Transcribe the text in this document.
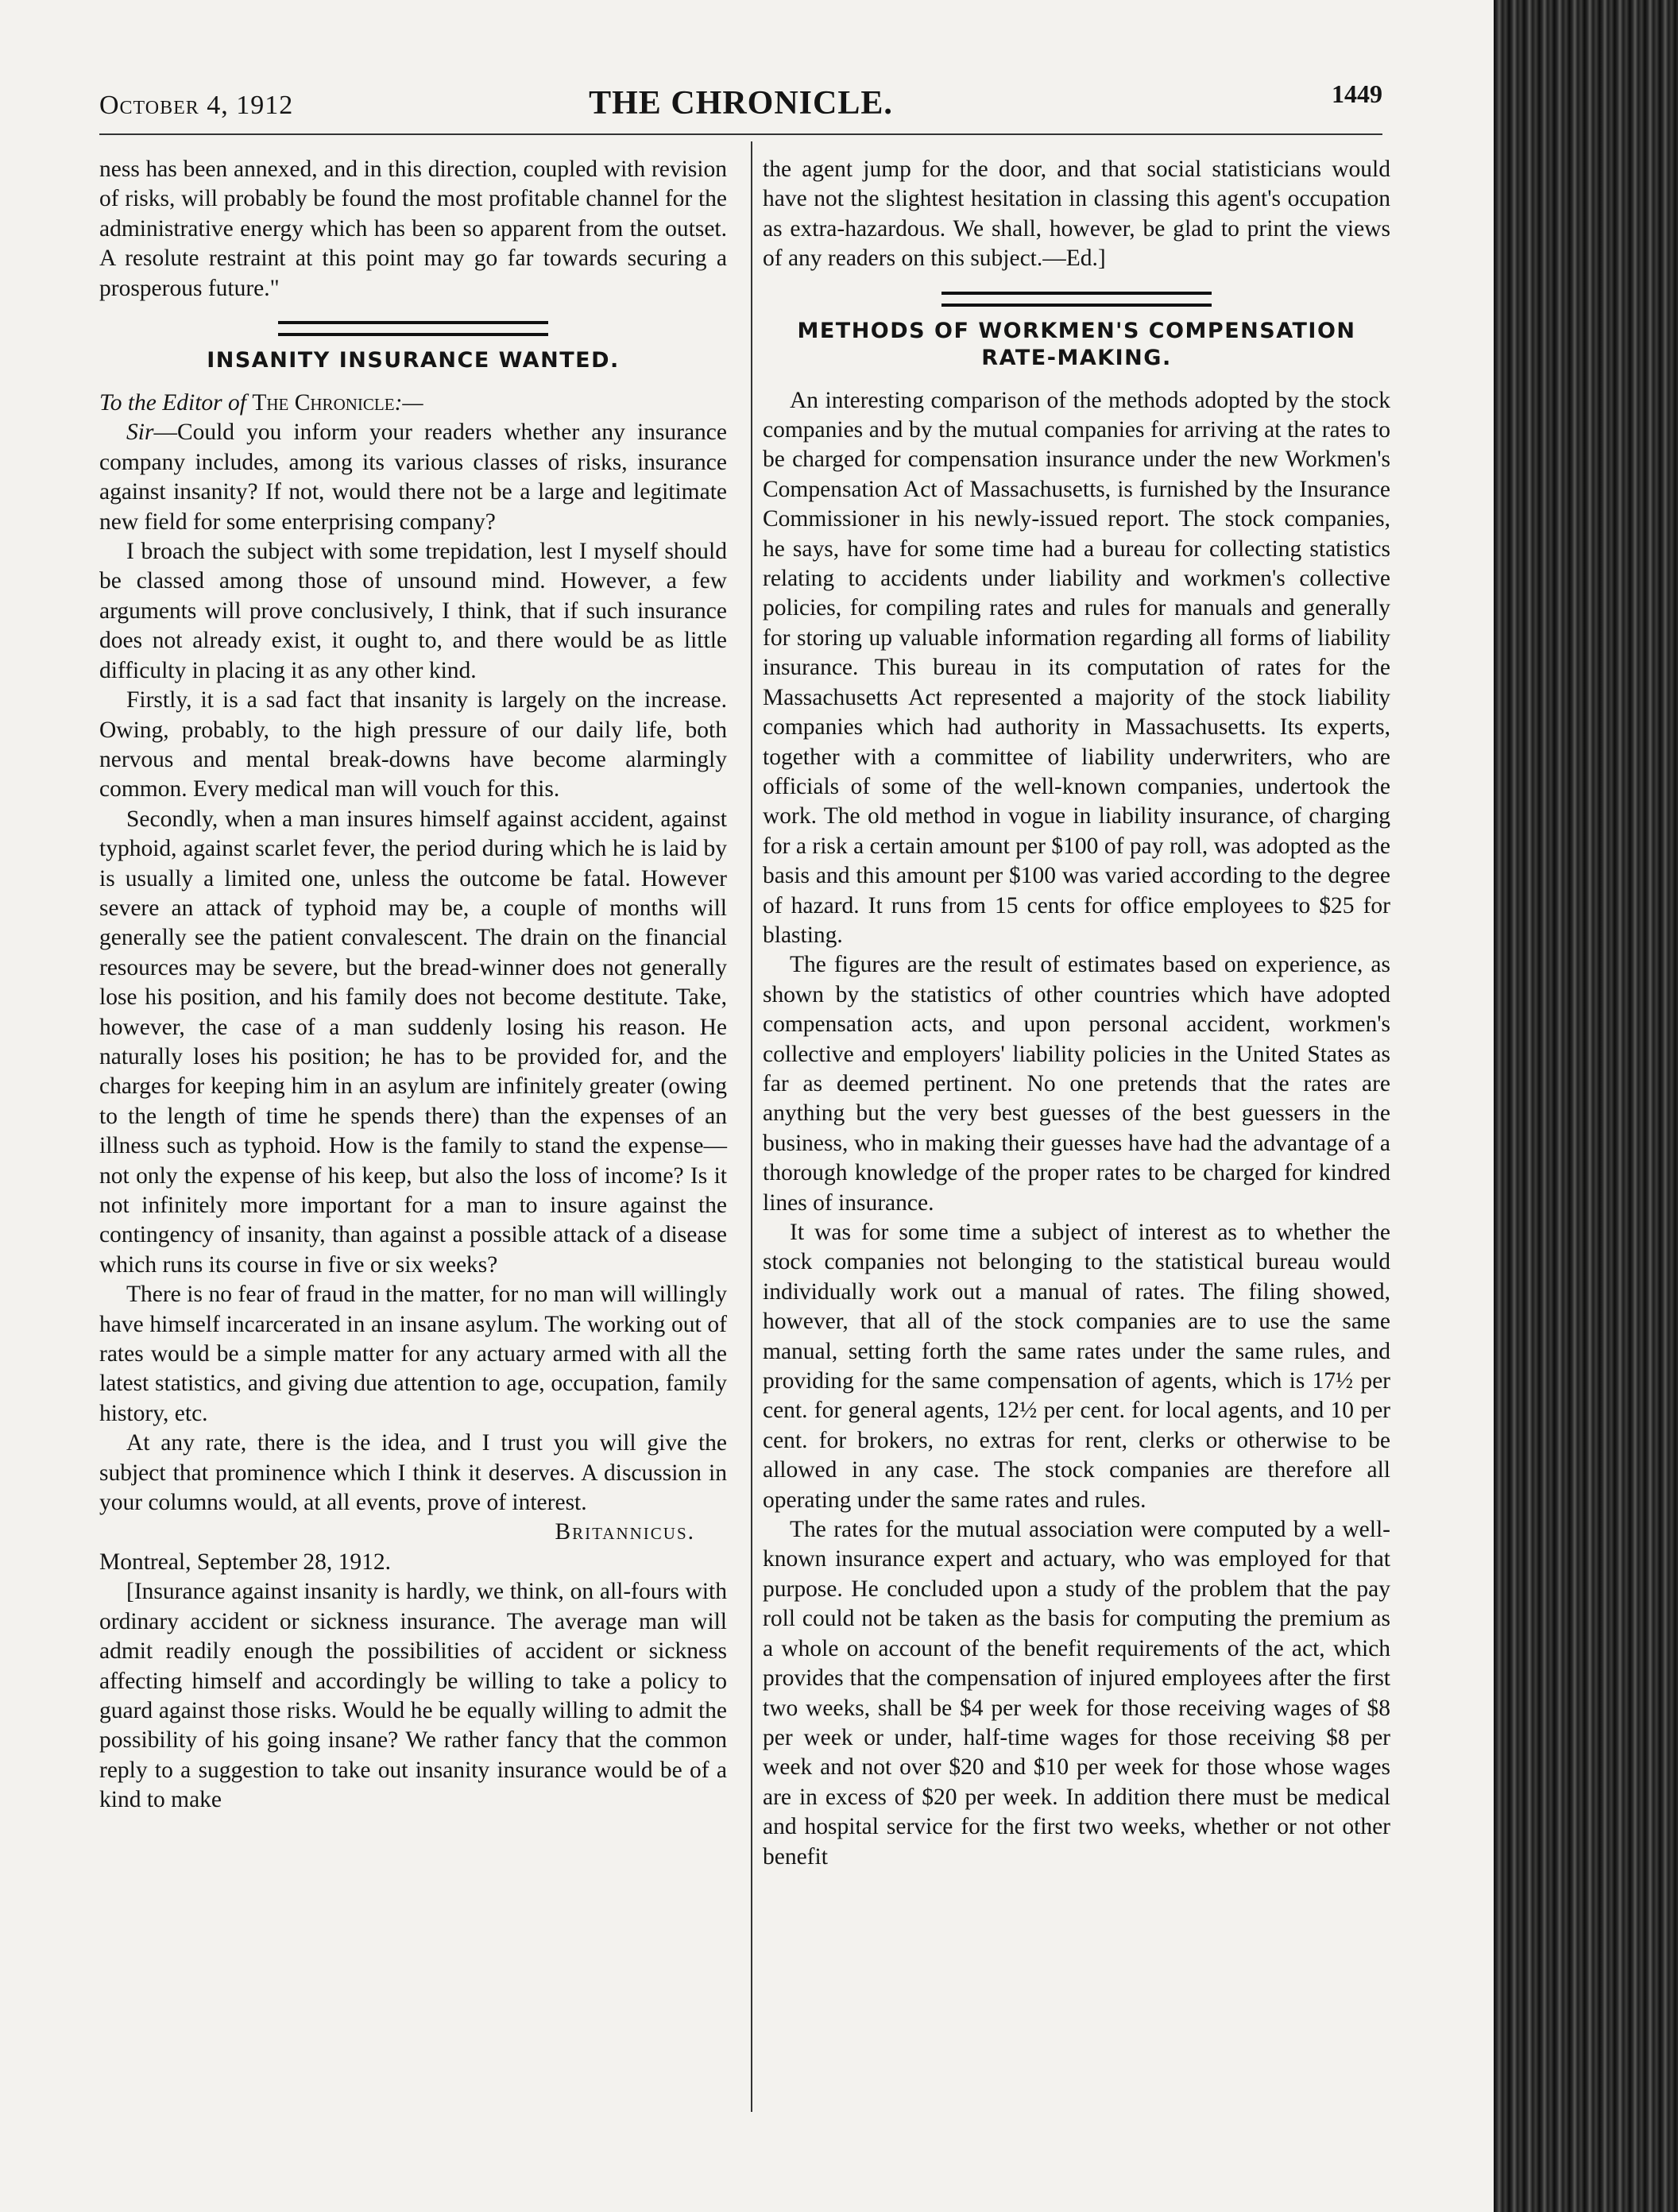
October 4, 1912	THE CHRONICLE.	1449

ness has been annexed, and in this direction, coupled with revision of risks, will probably be found the most profitable channel for the administrative energy which has been so apparent from the outset. A resolute restraint at this point may go far towards securing a prosperous future."

INSANITY INSURANCE WANTED.

To the Editor of The Chronicle:—

Sir—Could you inform your readers whether any insurance company includes, among its various classes of risks, insurance against insanity? If not, would there not be a large and legitimate new field for some enterprising company?

I broach the subject with some trepidation, lest I myself should be classed among those of unsound mind. However, a few arguments will prove conclusively, I think, that if such insurance does not already exist, it ought to, and there would be as little difficulty in placing it as any other kind.

Firstly, it is a sad fact that insanity is largely on the increase. Owing, probably, to the high pressure of our daily life, both nervous and mental break-downs have become alarmingly common. Every medical man will vouch for this.

Secondly, when a man insures himself against accident, against typhoid, against scarlet fever, the period during which he is laid by is usually a limited one, unless the outcome be fatal. However severe an attack of typhoid may be, a couple of months will generally see the patient convalescent. The drain on the financial resources may be severe, but the bread-winner does not generally lose his position, and his family does not become destitute. Take, however, the case of a man suddenly losing his reason. He naturally loses his position; he has to be provided for, and the charges for keeping him in an asylum are infinitely greater (owing to the length of time he spends there) than the expenses of an illness such as typhoid. How is the family to stand the expense—not only the expense of his keep, but also the loss of income? Is it not infinitely more important for a man to insure against the contingency of insanity, than against a possible attack of a disease which runs its course in five or six weeks?

There is no fear of fraud in the matter, for no man will willingly have himself incarcerated in an insane asylum. The working out of rates would be a simple matter for any actuary armed with all the latest statistics, and giving due attention to age, occupation, family history, etc.

At any rate, there is the idea, and I trust you will give the subject that prominence which I think it deserves. A discussion in your columns would, at all events, prove of interest.

Britannicus.

Montreal, September 28, 1912.

[Insurance against insanity is hardly, we think, on all-fours with ordinary accident or sickness insurance. The average man will admit readily enough the possibilities of accident or sickness affecting himself and accordingly be willing to take a policy to guard against those risks. Would he be equally willing to admit the possibility of his going insane? We rather fancy that the common reply to a suggestion to take out insanity insurance would be of a kind to make

the agent jump for the door, and that social statisticians would have not the slightest hesitation in classing this agent's occupation as extra-hazardous. We shall, however, be glad to print the views of any readers on this subject.—Ed.]

METHODS OF WORKMEN'S COMPENSATION RATE-MAKING.

An interesting comparison of the methods adopted by the stock companies and by the mutual companies for arriving at the rates to be charged for compensation insurance under the new Workmen's Compensation Act of Massachusetts, is furnished by the Insurance Commissioner in his newly-issued report. The stock companies, he says, have for some time had a bureau for collecting statistics relating to accidents under liability and workmen's collective policies, for compiling rates and rules for manuals and generally for storing up valuable information regarding all forms of liability insurance. This bureau in its computation of rates for the Massachusetts Act represented a majority of the stock liability companies which had authority in Massachusetts. Its experts, together with a committee of liability underwriters, who are officials of some of the well-known companies, undertook the work. The old method in vogue in liability insurance, of charging for a risk a certain amount per $100 of pay roll, was adopted as the basis and this amount per $100 was varied according to the degree of hazard. It runs from 15 cents for office employees to $25 for blasting.

The figures are the result of estimates based on experience, as shown by the statistics of other countries which have adopted compensation acts, and upon personal accident, workmen's collective and employers' liability policies in the United States as far as deemed pertinent. No one pretends that the rates are anything but the very best guesses of the best guessers in the business, who in making their guesses have had the advantage of a thorough knowledge of the proper rates to be charged for kindred lines of insurance.

It was for some time a subject of interest as to whether the stock companies not belonging to the statistical bureau would individually work out a manual of rates. The filing showed, however, that all of the stock companies are to use the same manual, setting forth the same rates under the same rules, and providing for the same compensation of agents, which is 17½ per cent. for general agents, 12½ per cent. for local agents, and 10 per cent. for brokers, no extras for rent, clerks or otherwise to be allowed in any case. The stock companies are therefore all operating under the same rates and rules.

The rates for the mutual association were computed by a well-known insurance expert and actuary, who was employed for that purpose. He concluded upon a study of the problem that the pay roll could not be taken as the basis for computing the premium as a whole on account of the benefit requirements of the act, which provides that the compensation of injured employees after the first two weeks, shall be $4 per week for those receiving wages of $8 per week or under, half-time wages for those receiving $8 per week and not over $20 and $10 per week for those whose wages are in excess of $20 per week. In addition there must be medical and hospital service for the first two weeks, whether or not other benefit
